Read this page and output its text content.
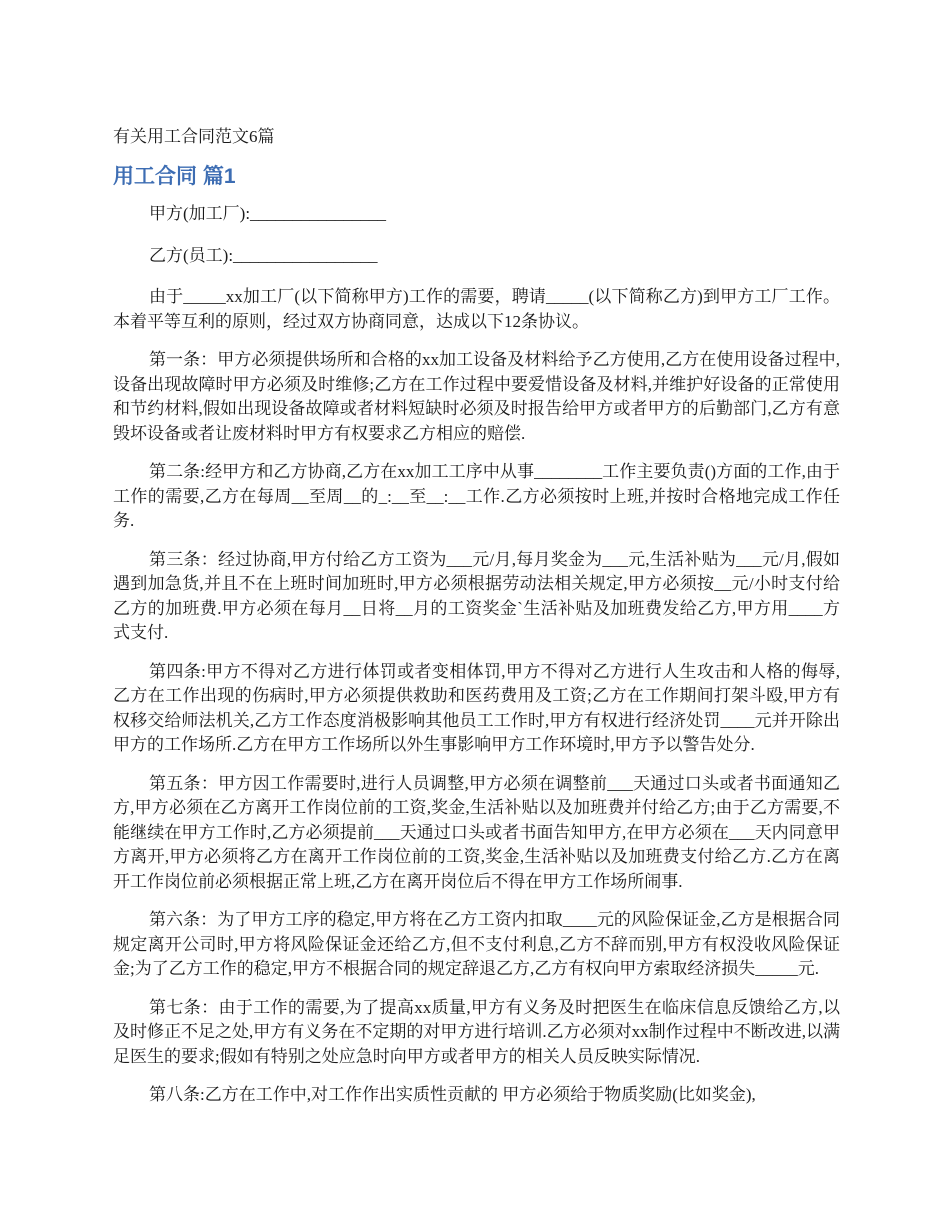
有关用工合同范文6篇
用工合同 篇1

甲方(加工厂):________________

乙方(员工):_________________

由于_____xx加工厂(以下简称甲方)工作的需要，聘请_____(以下简称乙方)到甲方工厂工作。本着平等互利的原则，经过双方协商同意，达成以下12条协议。

第一条：甲方必须提供场所和合格的xx加工设备及材料给予乙方使用,乙方在使用设备过程中,设备出现故障时甲方必须及时维修;乙方在工作过程中要爱惜设备及材料,并维护好设备的正常使用和节约材料,假如出现设备故障或者材料短缺时必须及时报告给甲方或者甲方的后勤部门,乙方有意毁坏设备或者让废材料时甲方有权要求乙方相应的赔偿.

第二条:经甲方和乙方协商,乙方在xx加工工序中从事________工作主要负责()方面的工作,由于工作的需要,乙方在每周__至周__的_:__至__:__工作.乙方必须按时上班,并按时合格地完成工作任务.

第三条：经过协商,甲方付给乙方工资为___元/月,每月奖金为___元,生活补贴为___元/月,假如遇到加急货,并且不在上班时间加班时,甲方必须根据劳动法相关规定,甲方必须按__元/小时支付给乙方的加班费.甲方必须在每月__日将__月的工资奖金`生活补贴及加班费发给乙方,甲方用____方式支付.

第四条:甲方不得对乙方进行体罚或者变相体罚,甲方不得对乙方进行人生攻击和人格的侮辱,乙方在工作出现的伤病时,甲方必须提供救助和医药费用及工资;乙方在工作期间打架斗殴,甲方有权移交给师法机关,乙方工作态度消极影响其他员工工作时,甲方有权进行经济处罚____元并开除出甲方的工作场所.乙方在甲方工作场所以外生事影响甲方工作环境时,甲方予以警告处分.

第五条：甲方因工作需要时,进行人员调整,甲方必须在调整前___天通过口头或者书面通知乙方,甲方必须在乙方离开工作岗位前的工资,奖金,生活补贴以及加班费并付给乙方;由于乙方需要,不能继续在甲方工作时,乙方必须提前___天通过口头或者书面告知甲方,在甲方必须在___天内同意甲方离开,甲方必须将乙方在离开工作岗位前的工资,奖金,生活补贴以及加班费支付给乙方.乙方在离开工作岗位前必须根据正常上班,乙方在离开岗位后不得在甲方工作场所闹事.

第六条：为了甲方工序的稳定,甲方将在乙方工资内扣取____元的风险保证金,乙方是根据合同规定离开公司时,甲方将风险保证金还给乙方,但不支付利息,乙方不辞而别,甲方有权没收风险保证金;为了乙方工作的稳定,甲方不根据合同的规定辞退乙方,乙方有权向甲方索取经济损失_____元.

第七条：由于工作的需要,为了提高xx质量,甲方有义务及时把医生在临床信息反馈给乙方,以及时修正不足之处,甲方有义务在不定期的对甲方进行培训.乙方必须对xx制作过程中不断改进,以满足医生的要求;假如有特别之处应急时向甲方或者甲方的相关人员反映实际情况.

第八条:乙方在工作中,对工作作出实质性贡献的 甲方必须给于物质奖励(比如奖金),
